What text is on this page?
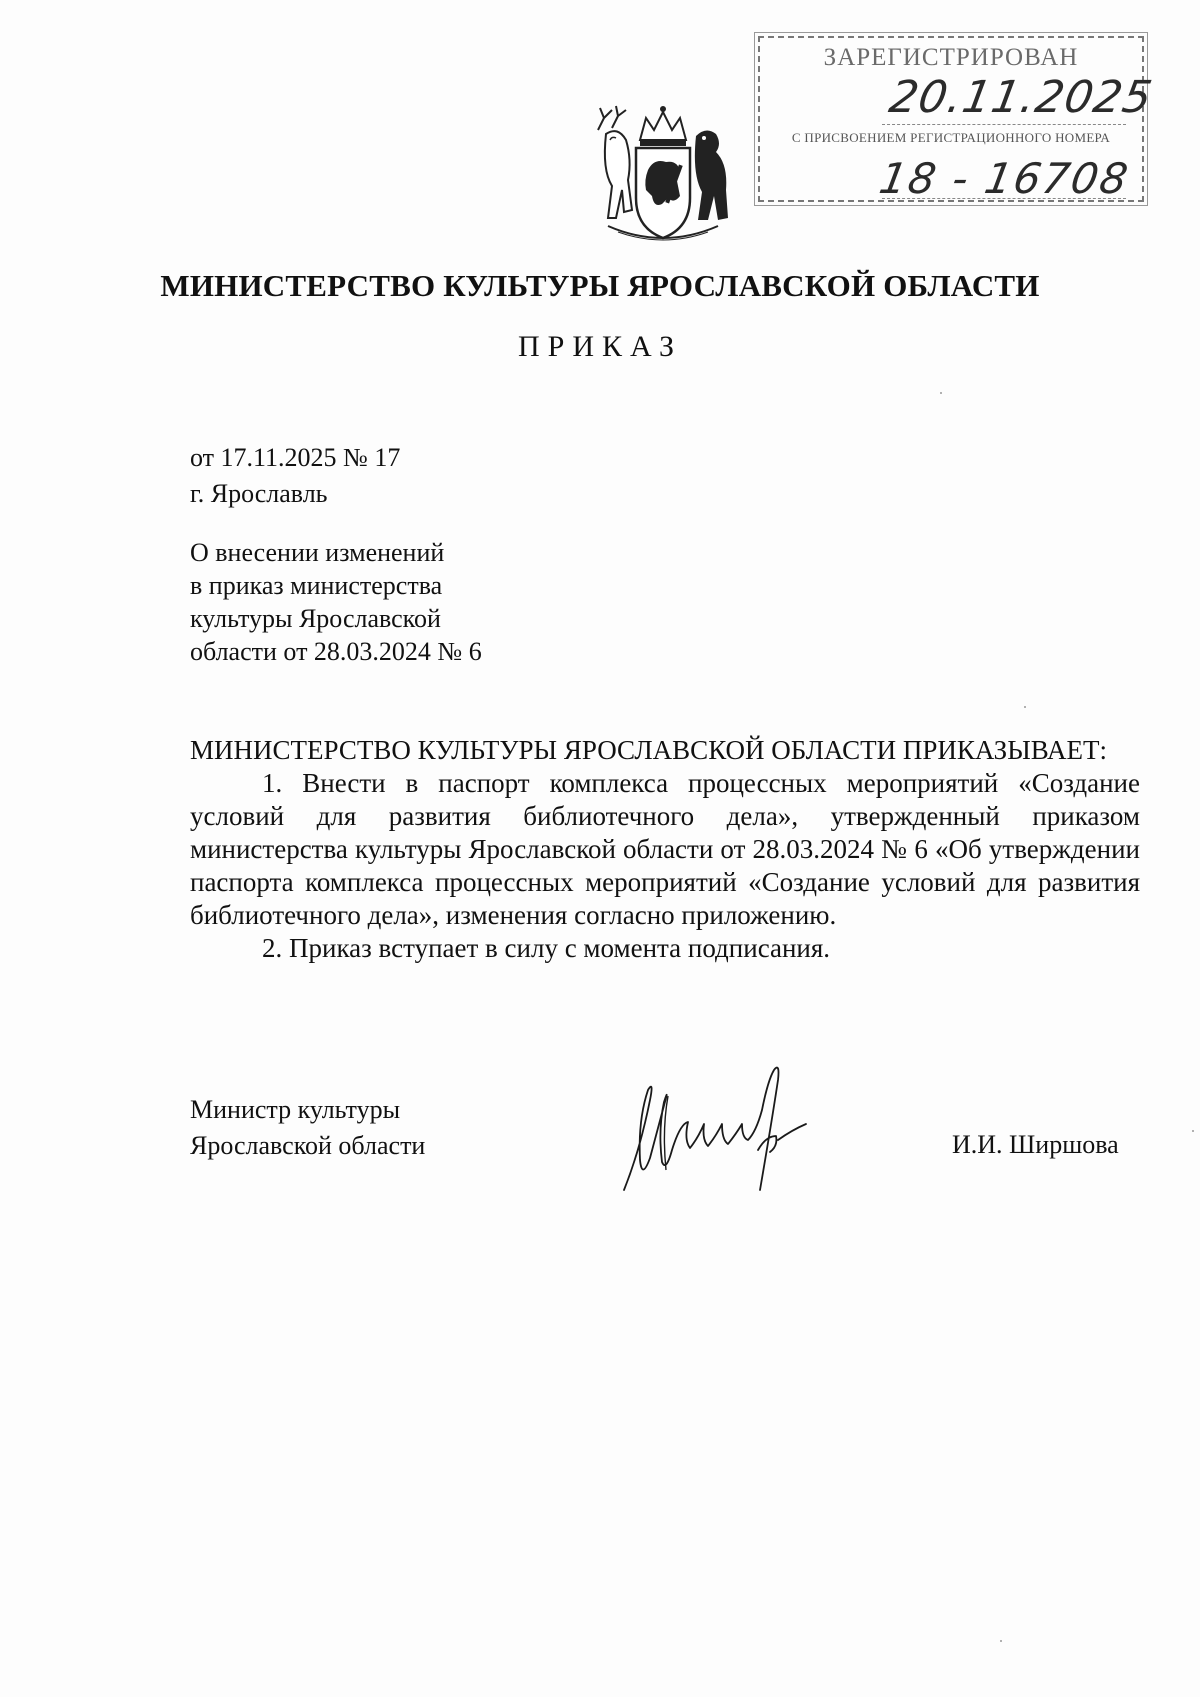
ЗАРЕГИСТРИРОВАН
20.11.2025
С ПРИСВОЕНИЕМ РЕГИСТРАЦИОННОГО НОМЕРА
18 - 16708
МИНИСТЕРСТВО КУЛЬТУРЫ ЯРОСЛАВСКОЙ ОБЛАСТИ
ПРИКАЗ
от 17.11.2025 № 17
г. Ярославль
О внесении изменений
в приказ министерства
культуры Ярославской
области от 28.03.2024 № 6

МИНИСТЕРСТВО КУЛЬТУРЫ ЯРОСЛАВСКОЙ ОБЛАСТИ ПРИКАЗЫВАЕТ:

1. Внести в паспорт комплекса процессных мероприятий «Создание условий для развития библиотечного дела», утвержденный приказом министерства культуры Ярославской области от 28.03.2024 № 6 «Об утверждении паспорта комплекса процессных мероприятий «Создание условий для развития библиотечного дела», изменения согласно приложению.

2. Приказ вступает в силу с момента подписания.

Министр культуры
Ярославской области	И.И. Ширшова
